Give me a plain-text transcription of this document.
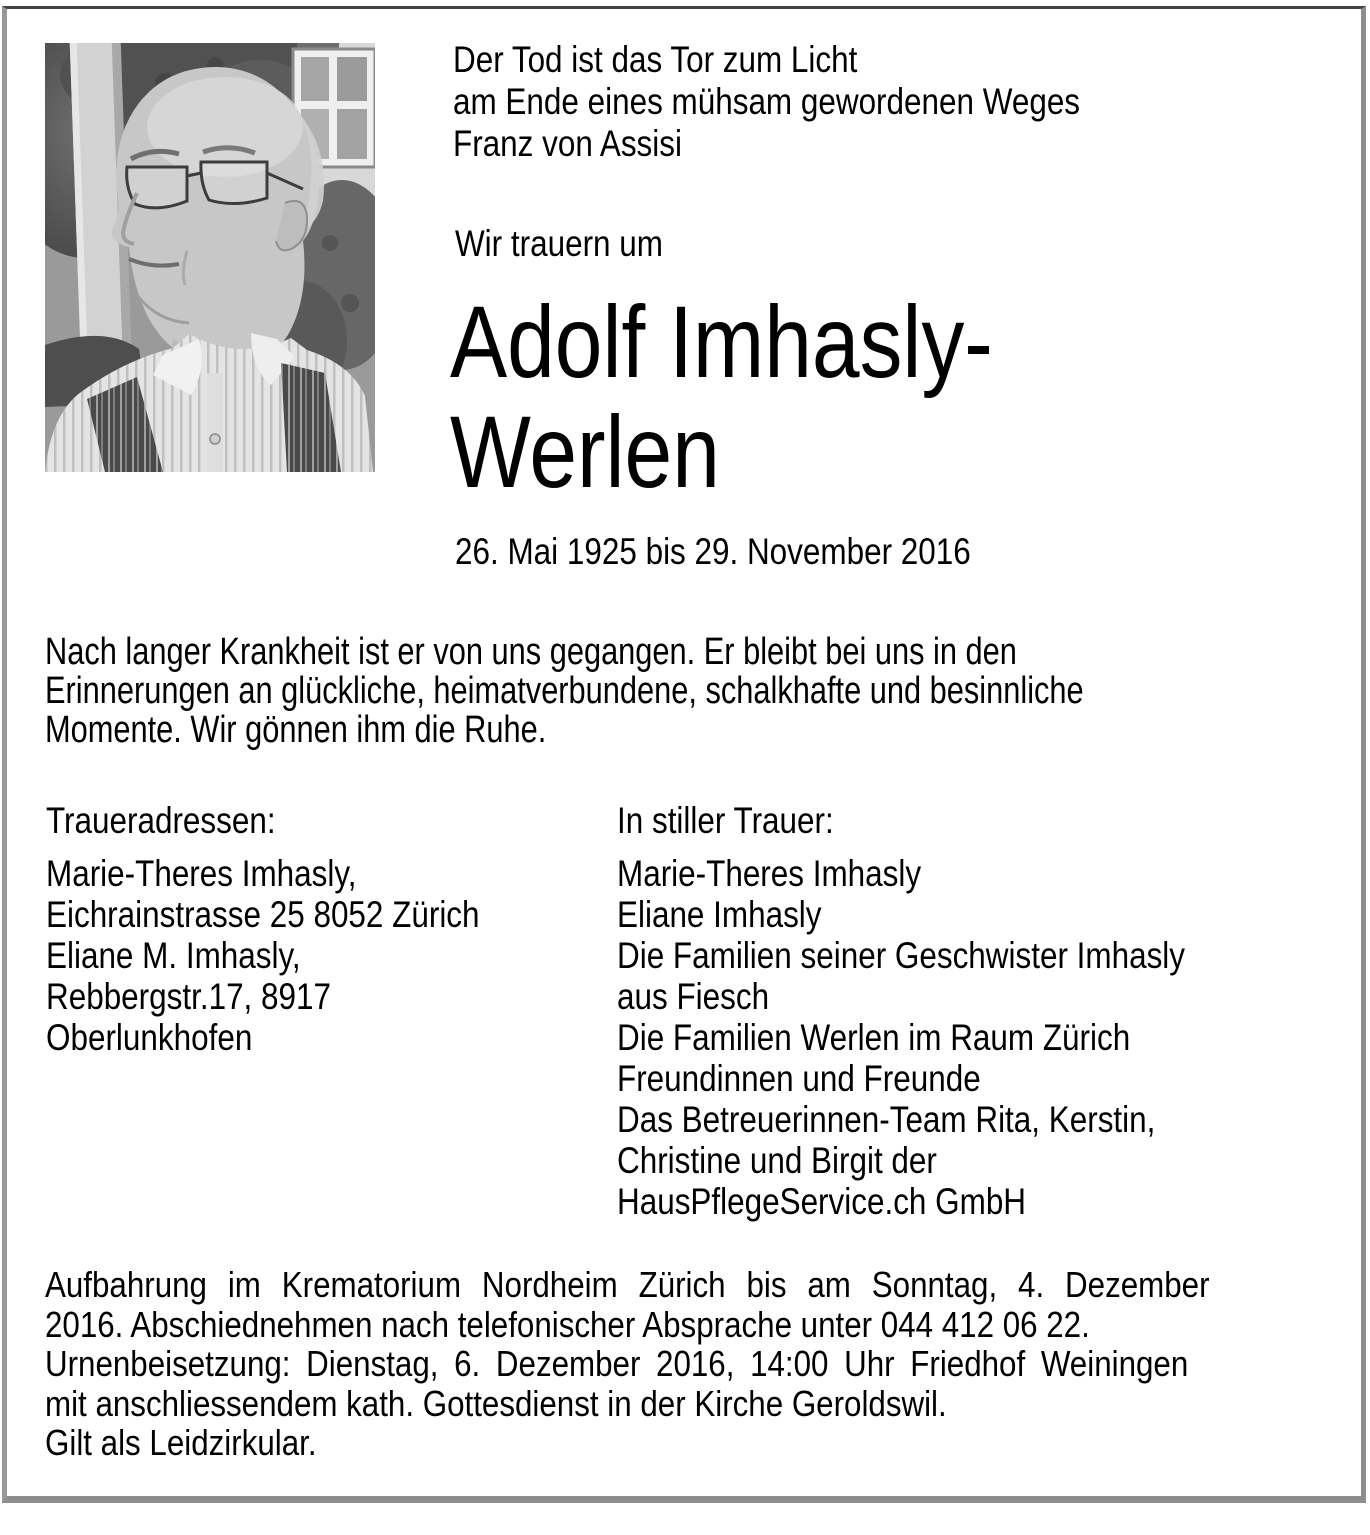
Der Tod ist das Tor zum Licht
am Ende eines mühsam gewordenen Weges
Franz von Assisi
Wir trauern um
Adolf Imhasly-
Werlen
26. Mai 1925 bis 29. November 2016
Nach langer Krankheit ist er von uns gegangen. Er bleibt bei uns in den
Erinnerungen an glückliche, heimatverbundene, schalkhafte und besinnliche
Momente. Wir gönnen ihm die Ruhe.
Traueradressen:
Marie-Theres Imhasly,
Eichrainstrasse 25 8052 Zürich
Eliane M. Imhasly,
Rebbergstr.17, 8917
Oberlunkhofen
In stiller Trauer:
Marie-Theres Imhasly
Eliane Imhasly
Die Familien seiner Geschwister Imhasly
aus Fiesch
Die Familien Werlen im Raum Zürich
Freundinnen und Freunde
Das Betreuerinnen-Team Rita, Kerstin,
Christine und Birgit der
HausPflegeService.ch GmbH
Aufbahrung im Krematorium Nordheim Zürich bis am Sonntag, 4. Dezember
2016. Abschiednehmen nach telefonischer Absprache unter 044 412 06 22.
Urnenbeisetzung: Dienstag, 6. Dezember 2016, 14:00 Uhr Friedhof Weiningen
mit anschliessendem kath. Gottesdienst in der Kirche Geroldswil.
Gilt als Leidzirkular.
